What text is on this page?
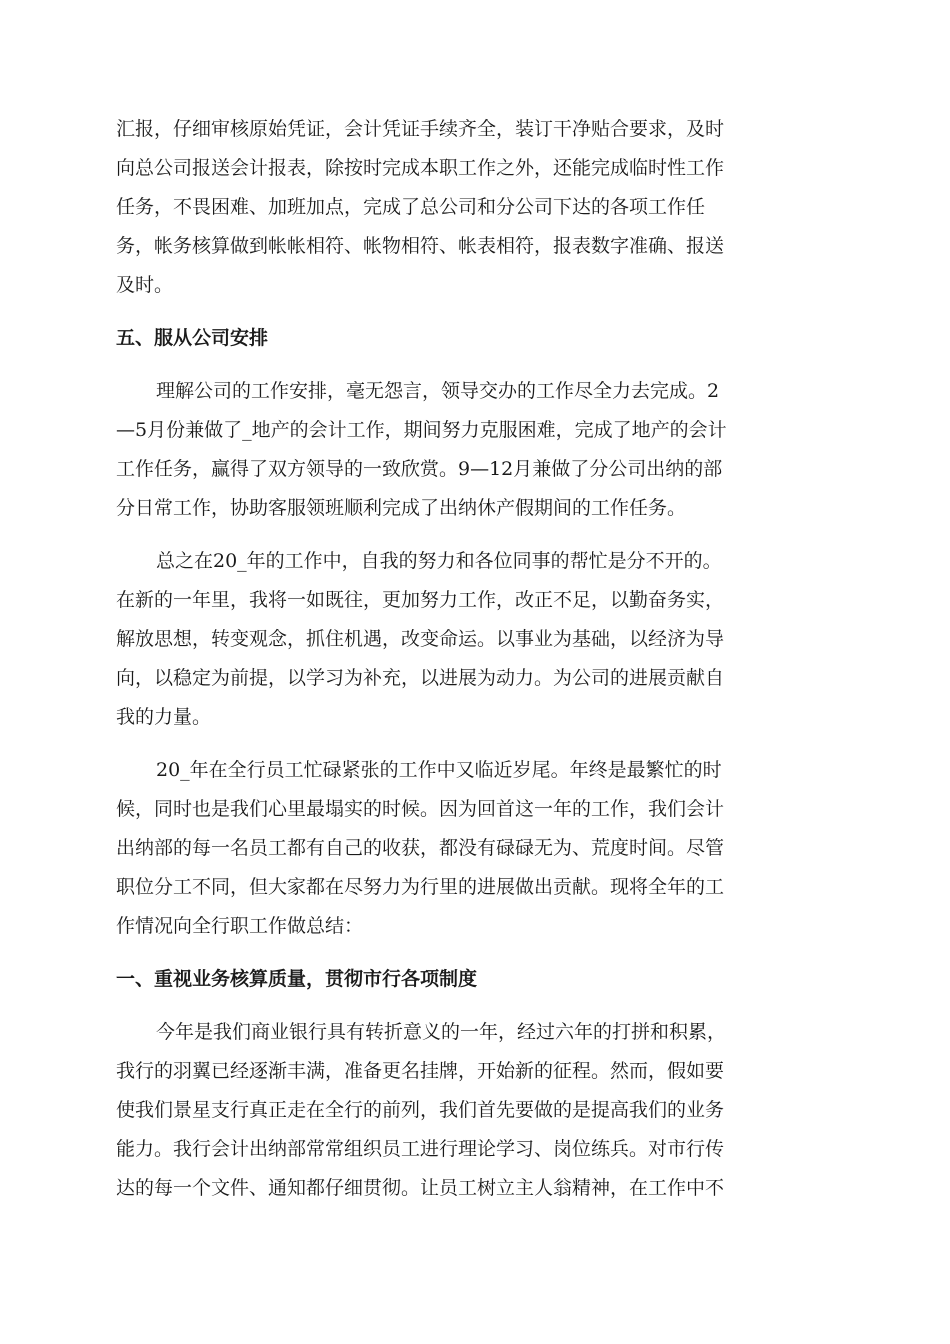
汇报，仔细审核原始凭证，会计凭证手续齐全，装订干净贴合要求，及时
向总公司报送会计报表，除按时完成本职工作之外，还能完成临时性工作
任务，不畏困难、加班加点，完成了总公司和分公司下达的各项工作任
务，帐务核算做到帐帐相符、帐物相符、帐表相符，报表数字准确、报送
及时。
五、服从公司安排
理解公司的工作安排，毫无怨言，领导交办的工作尽全力去完成。2
—5月份兼做了_地产的会计工作，期间努力克服困难，完成了地产的会计
工作任务，赢得了双方领导的一致欣赏。9—12月兼做了分公司出纳的部
分日常工作，协助客服领班顺利完成了出纳休产假期间的工作任务。
总之在20_年的工作中，自我的努力和各位同事的帮忙是分不开的。
在新的一年里，我将一如既往，更加努力工作，改正不足，以勤奋务实，
解放思想，转变观念，抓住机遇，改变命运。以事业为基础，以经济为导
向，以稳定为前提，以学习为补充，以进展为动力。为公司的进展贡献自
我的力量。
20_年在全行员工忙碌紧张的工作中又临近岁尾。年终是最繁忙的时
候，同时也是我们心里最塌实的时候。因为回首这一年的工作，我们会计
出纳部的每一名员工都有自己的收获，都没有碌碌无为、荒度时间。尽管
职位分工不同，但大家都在尽努力为行里的进展做出贡献。现将全年的工
作情况向全行职工作做总结：
一、重视业务核算质量，贯彻市行各项制度
今年是我们商业银行具有转折意义的一年，经过六年的打拼和积累，
我行的羽翼已经逐渐丰满，准备更名挂牌，开始新的征程。然而，假如要
使我们景星支行真正走在全行的前列，我们首先要做的是提高我们的业务
能力。我行会计出纳部常常组织员工进行理论学习、岗位练兵。对市行传
达的每一个文件、通知都仔细贯彻。让员工树立主人翁精神，在工作中不
